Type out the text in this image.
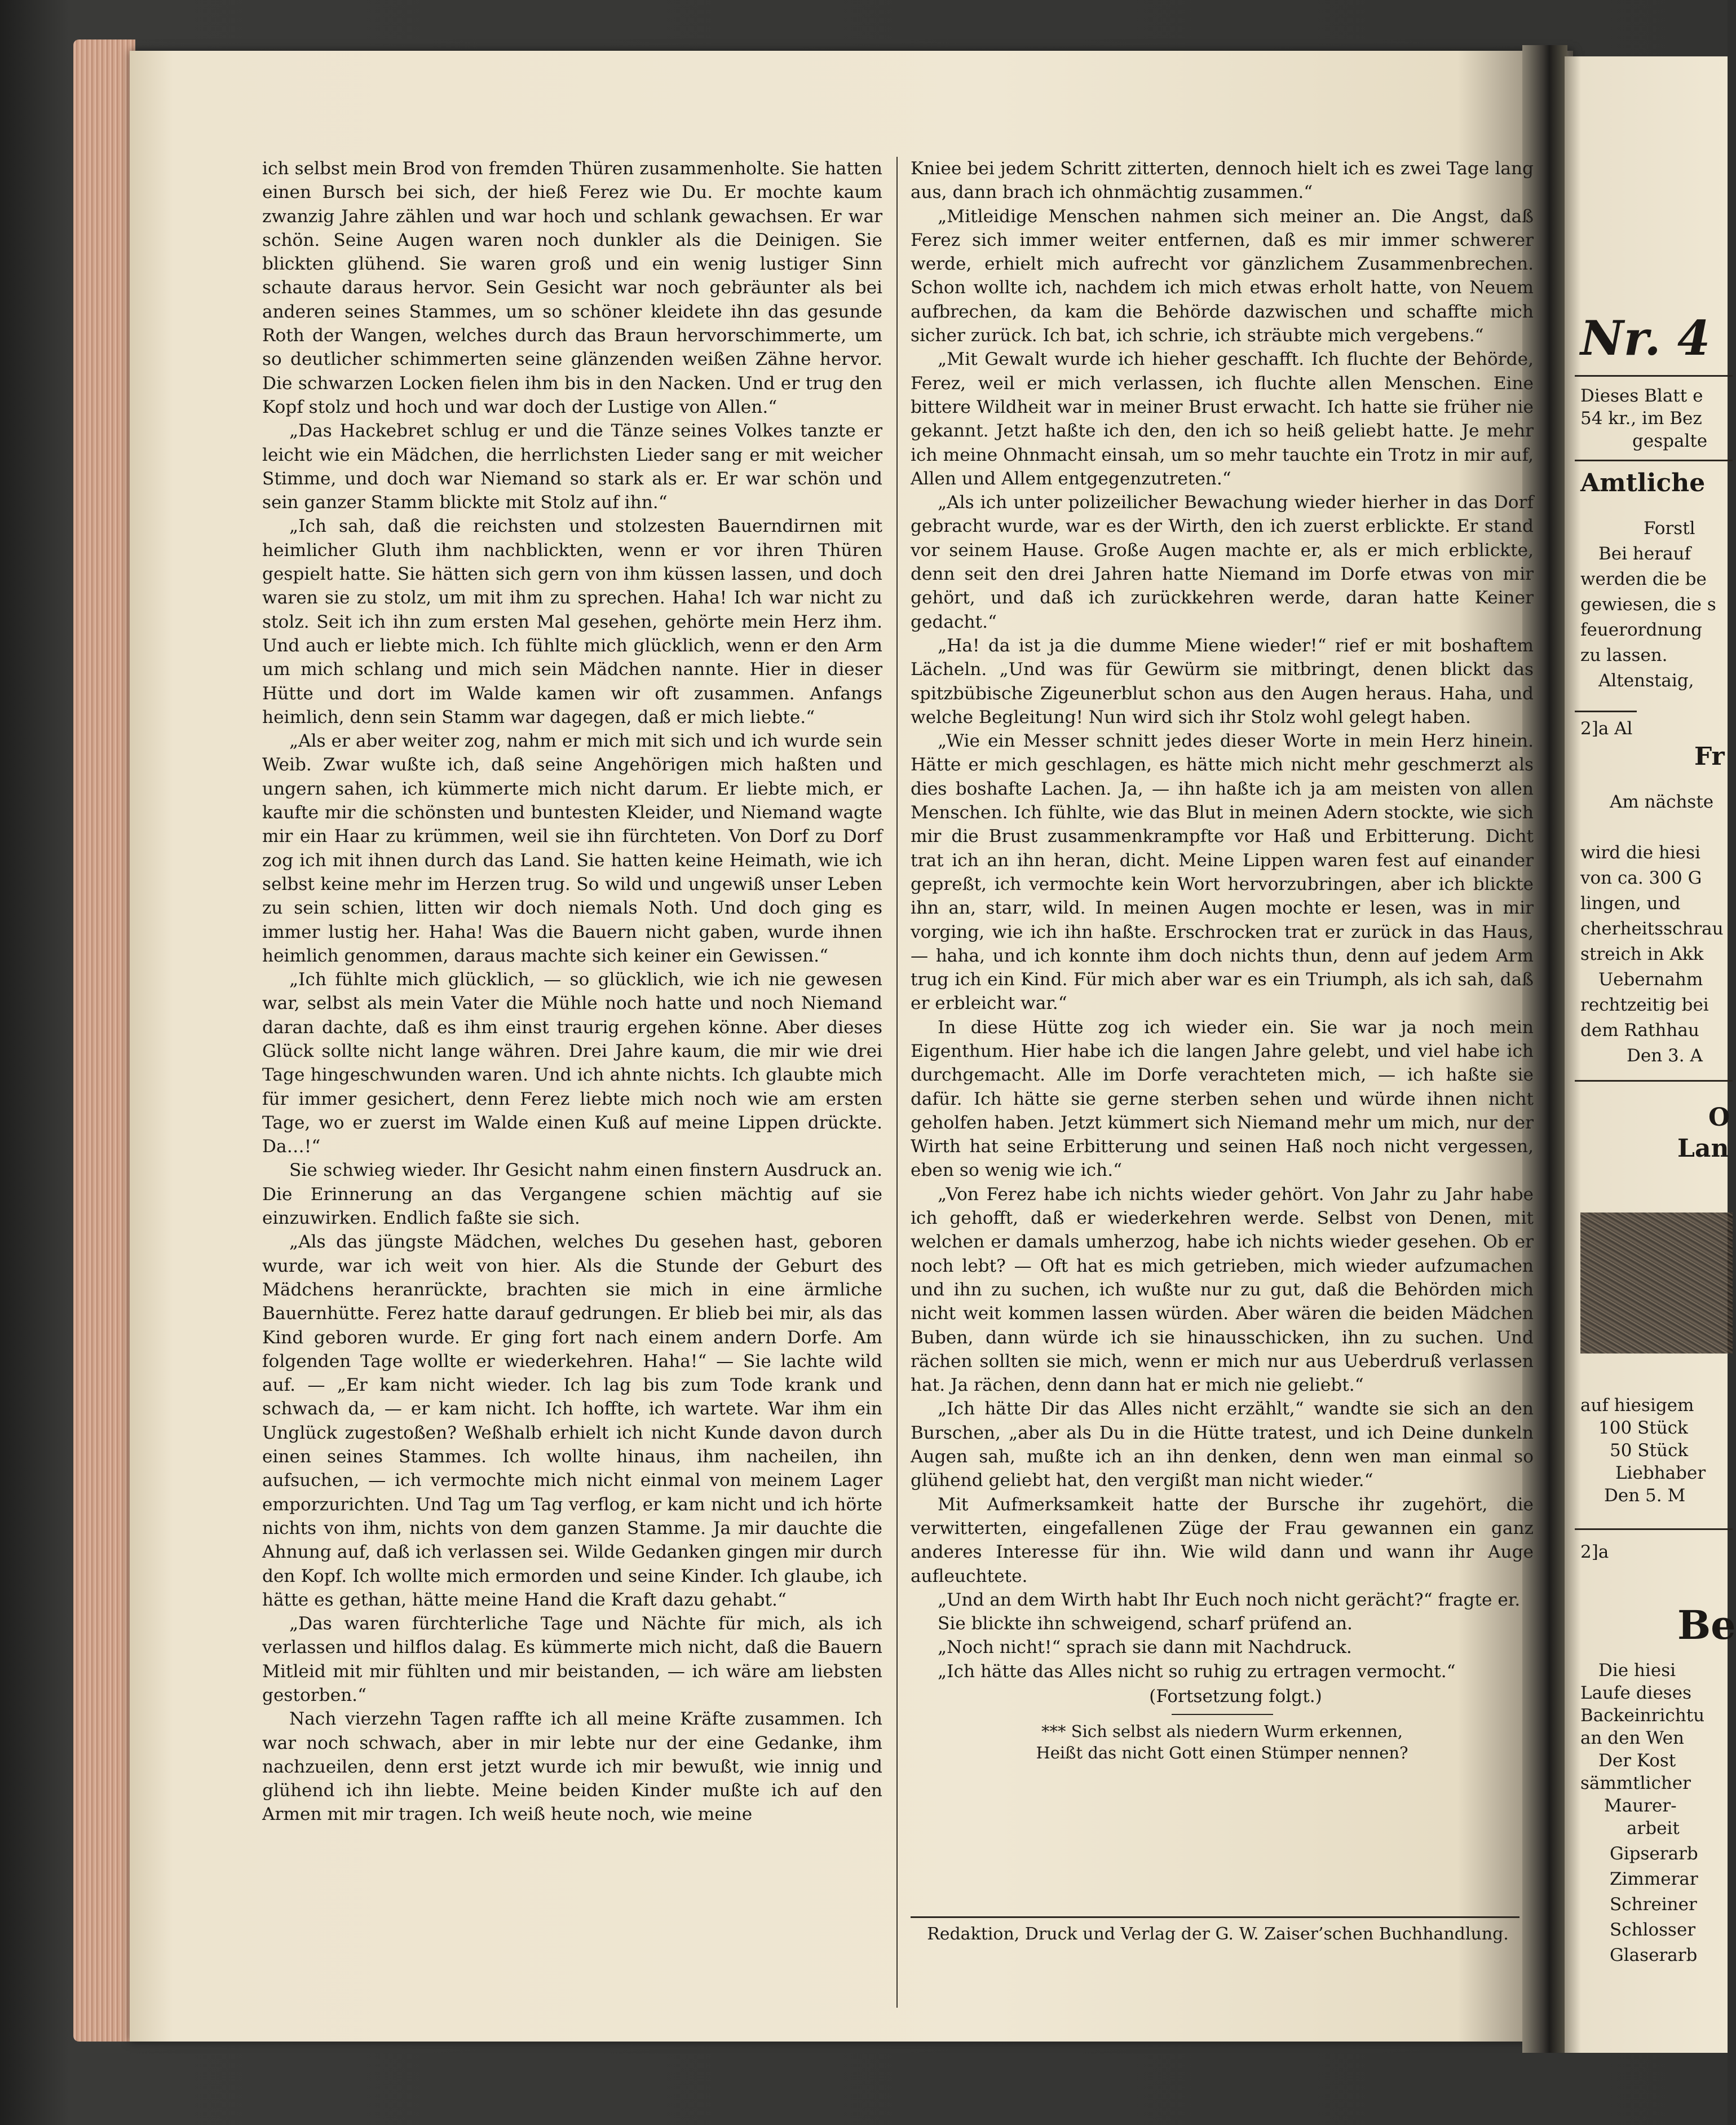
ich selbst mein Brod von fremden Thüren zusammenholte. Sie hatten einen Bursch bei sich, der hieß Ferez wie Du. Er mochte kaum zwanzig Jahre zählen und war hoch und schlank gewachsen. Er war schön. Seine Augen waren noch dunkler als die Deinigen. Sie blickten glühend. Sie waren groß und ein wenig lustiger Sinn schaute daraus hervor. Sein Gesicht war noch gebräunter als bei anderen seines Stammes, um so schöner kleidete ihn das gesunde Roth der Wangen, welches durch das Braun hervorschimmerte, um so deutlicher schimmerten seine glänzenden weißen Zähne hervor. Die schwarzen Locken fielen ihm bis in den Nacken. Und er trug den Kopf stolz und hoch und war doch der Lustige von Allen.“

„Das Hackebret schlug er und die Tänze seines Volkes tanzte er leicht wie ein Mädchen, die herrlichsten Lieder sang er mit weicher Stimme, und doch war Niemand so stark als er. Er war schön und sein ganzer Stamm blickte mit Stolz auf ihn.“

„Ich sah, daß die reichsten und stolzesten Bauerndirnen mit heimlicher Gluth ihm nachblickten, wenn er vor ihren Thüren gespielt hatte. Sie hätten sich gern von ihm küssen lassen, und doch waren sie zu stolz, um mit ihm zu sprechen. Haha! Ich war nicht zu stolz. Seit ich ihn zum ersten Mal gesehen, gehörte mein Herz ihm. Und auch er liebte mich. Ich fühlte mich glücklich, wenn er den Arm um mich schlang und mich sein Mädchen nannte. Hier in dieser Hütte und dort im Walde kamen wir oft zusammen. Anfangs heimlich, denn sein Stamm war dagegen, daß er mich liebte.“

„Als er aber weiter zog, nahm er mich mit sich und ich wurde sein Weib. Zwar wußte ich, daß seine Angehörigen mich haßten und ungern sahen, ich kümmerte mich nicht darum. Er liebte mich, er kaufte mir die schönsten und buntesten Kleider, und Niemand wagte mir ein Haar zu krümmen, weil sie ihn fürchteten. Von Dorf zu Dorf zog ich mit ihnen durch das Land. Sie hatten keine Heimath, wie ich selbst keine mehr im Herzen trug. So wild und ungewiß unser Leben zu sein schien, litten wir doch niemals Noth. Und doch ging es immer lustig her. Haha! Was die Bauern nicht gaben, wurde ihnen heimlich genommen, daraus machte sich keiner ein Gewissen.“

„Ich fühlte mich glücklich, — so glücklich, wie ich nie gewesen war, selbst als mein Vater die Mühle noch hatte und noch Niemand daran dachte, daß es ihm einst traurig ergehen könne. Aber dieses Glück sollte nicht lange währen. Drei Jahre kaum, die mir wie drei Tage hingeschwunden waren. Und ich ahnte nichts. Ich glaubte mich für immer gesichert, denn Ferez liebte mich noch wie am ersten Tage, wo er zuerst im Walde einen Kuß auf meine Lippen drückte. Da…!“

Sie schwieg wieder. Ihr Gesicht nahm einen finstern Ausdruck an. Die Erinnerung an das Vergangene schien mächtig auf sie einzuwirken. Endlich faßte sie sich.

„Als das jüngste Mädchen, welches Du gesehen hast, geboren wurde, war ich weit von hier. Als die Stunde der Geburt des Mädchens heranrückte, brachten sie mich in eine ärmliche Bauernhütte. Ferez hatte darauf gedrungen. Er blieb bei mir, als das Kind geboren wurde. Er ging fort nach einem andern Dorfe. Am folgenden Tage wollte er wiederkehren. Haha!“ — Sie lachte wild auf. — „Er kam nicht wieder. Ich lag bis zum Tode krank und schwach da, — er kam nicht. Ich hoffte, ich wartete. War ihm ein Unglück zugestoßen? Weßhalb erhielt ich nicht Kunde davon durch einen seines Stammes. Ich wollte hinaus, ihm nacheilen, ihn aufsuchen, — ich vermochte mich nicht einmal von meinem Lager emporzurichten. Und Tag um Tag verflog, er kam nicht und ich hörte nichts von ihm, nichts von dem ganzen Stamme. Ja mir dauchte die Ahnung auf, daß ich verlassen sei. Wilde Gedanken gingen mir durch den Kopf. Ich wollte mich ermorden und seine Kinder. Ich glaube, ich hätte es gethan, hätte meine Hand die Kraft dazu gehabt.“

„Das waren fürchterliche Tage und Nächte für mich, als ich verlassen und hilflos dalag. Es kümmerte mich nicht, daß die Bauern Mitleid mit mir fühlten und mir beistanden, — ich wäre am liebsten gestorben.“

Nach vierzehn Tagen raffte ich all meine Kräfte zusammen. Ich war noch schwach, aber in mir lebte nur der eine Gedanke, ihm nachzueilen, denn erst jetzt wurde ich mir bewußt, wie innig und glühend ich ihn liebte. Meine beiden Kinder mußte ich auf den Armen mit mir tragen. Ich weiß heute noch, wie meine

Kniee bei jedem Schritt zitterten, dennoch hielt ich es zwei Tage lang aus, dann brach ich ohnmächtig zusammen.“

„Mitleidige Menschen nahmen sich meiner an. Die Angst, daß Ferez sich immer weiter entfernen, daß es mir immer schwerer werde, erhielt mich aufrecht vor gänzlichem Zusammenbrechen. Schon wollte ich, nachdem ich mich etwas erholt hatte, von Neuem aufbrechen, da kam die Behörde dazwischen und schaffte mich sicher zurück. Ich bat, ich schrie, ich sträubte mich vergebens.“

„Mit Gewalt wurde ich hieher geschafft. Ich fluchte der Behörde, Ferez, weil er mich verlassen, ich fluchte allen Menschen. Eine bittere Wildheit war in meiner Brust erwacht. Ich hatte sie früher nie gekannt. Jetzt haßte ich den, den ich so heiß geliebt hatte. Je mehr ich meine Ohnmacht einsah, um so mehr tauchte ein Trotz in mir auf, Allen und Allem entgegenzutreten.“

„Als ich unter polizeilicher Bewachung wieder hierher in das Dorf gebracht wurde, war es der Wirth, den ich zuerst erblickte. Er stand vor seinem Hause. Große Augen machte er, als er mich erblickte, denn seit den drei Jahren hatte Niemand im Dorfe etwas von mir gehört, und daß ich zurückkehren werde, daran hatte Keiner gedacht.“

„Ha! da ist ja die dumme Miene wieder!“ rief er mit boshaftem Lächeln. „Und was für Gewürm sie mitbringt, denen blickt das spitzbübische Zigeunerblut schon aus den Augen heraus. Haha, und welche Begleitung! Nun wird sich ihr Stolz wohl gelegt haben.

„Wie ein Messer schnitt jedes dieser Worte in mein Herz hinein. Hätte er mich geschlagen, es hätte mich nicht mehr geschmerzt als dies boshafte Lachen. Ja, — ihn haßte ich ja am meisten von allen Menschen. Ich fühlte, wie das Blut in meinen Adern stockte, wie sich mir die Brust zusammenkrampfte vor Haß und Erbitterung. Dicht trat ich an ihn heran, dicht. Meine Lippen waren fest auf einander gepreßt, ich vermochte kein Wort hervorzubringen, aber ich blickte ihn an, starr, wild. In meinen Augen mochte er lesen, was in mir vorging, wie ich ihn haßte. Erschrocken trat er zurück in das Haus, — haha, und ich konnte ihm doch nichts thun, denn auf jedem Arm trug ich ein Kind. Für mich aber war es ein Triumph, als ich sah, daß er erbleicht war.“

In diese Hütte zog ich wieder ein. Sie war ja noch mein Eigenthum. Hier habe ich die langen Jahre gelebt, und viel habe ich durchgemacht. Alle im Dorfe verachteten mich, — ich haßte sie dafür. Ich hätte sie gerne sterben sehen und würde ihnen nicht geholfen haben. Jetzt kümmert sich Niemand mehr um mich, nur der Wirth hat seine Erbitterung und seinen Haß noch nicht vergessen, eben so wenig wie ich.“

„Von Ferez habe ich nichts wieder gehört. Von Jahr zu Jahr habe ich gehofft, daß er wiederkehren werde. Selbst von Denen, mit welchen er damals umherzog, habe ich nichts wieder gesehen. Ob er noch lebt? — Oft hat es mich getrieben, mich wieder aufzumachen und ihn zu suchen, ich wußte nur zu gut, daß die Behörden mich nicht weit kommen lassen würden. Aber wären die beiden Mädchen Buben, dann würde ich sie hinausschicken, ihn zu suchen. Und rächen sollten sie mich, wenn er mich nur aus Ueberdruß verlassen hat. Ja rächen, denn dann hat er mich nie geliebt.“

„Ich hätte Dir das Alles nicht erzählt,“ wandte sie sich an den Burschen, „aber als Du in die Hütte tratest, und ich Deine dunkeln Augen sah, mußte ich an ihn denken, denn wen man einmal so glühend geliebt hat, den vergißt man nicht wieder.“

Mit Aufmerksamkeit hatte der Bursche ihr zugehört, die verwitterten, eingefallenen Züge der Frau gewannen ein ganz anderes Interesse für ihn. Wie wild dann und wann ihr Auge aufleuchtete.

„Und an dem Wirth habt Ihr Euch noch nicht gerächt?“ fragte er.

Sie blickte ihn schweigend, scharf prüfend an.

„Noch nicht!“ sprach sie dann mit Nachdruck.

„Ich hätte das Alles nicht so ruhig zu ertragen vermocht.“

(Fortsetzung folgt.)

*** Sich selbst als niedern Wurm erkennen,

Heißt das nicht Gott einen Stümper nennen?

Redaktion, Druck und Verlag der G. W. Zaiser’schen Buchhandlung.
Nr. 4
Dieses Blatt e
54 kr., im Bez
gespalte
Amtliche
Forstl
Bei herauf
werden die be
gewiesen, die s
feuerordnung
zu lassen.
Altenstaig,
2]a Al
Fr
Am nächste
wird die hiesi
von ca. 300 G
lingen, und
cherheitsschrau
streich in Akk
Uebernahm
rechtzeitig bei
dem Rathhau
Den 3. A
O
Lan
auf hiesigem
100 Stück
50 Stück
Liebhaber
Den 5. M
2]a
Be
Die hiesi
Laufe dieses
Backeinrichtu
an den Wen
Der Kost
sämmtlicher
Maurer-
arbeit
Gipserarb
Zimmerar
Schreiner
Schlosser
Glaserarb
